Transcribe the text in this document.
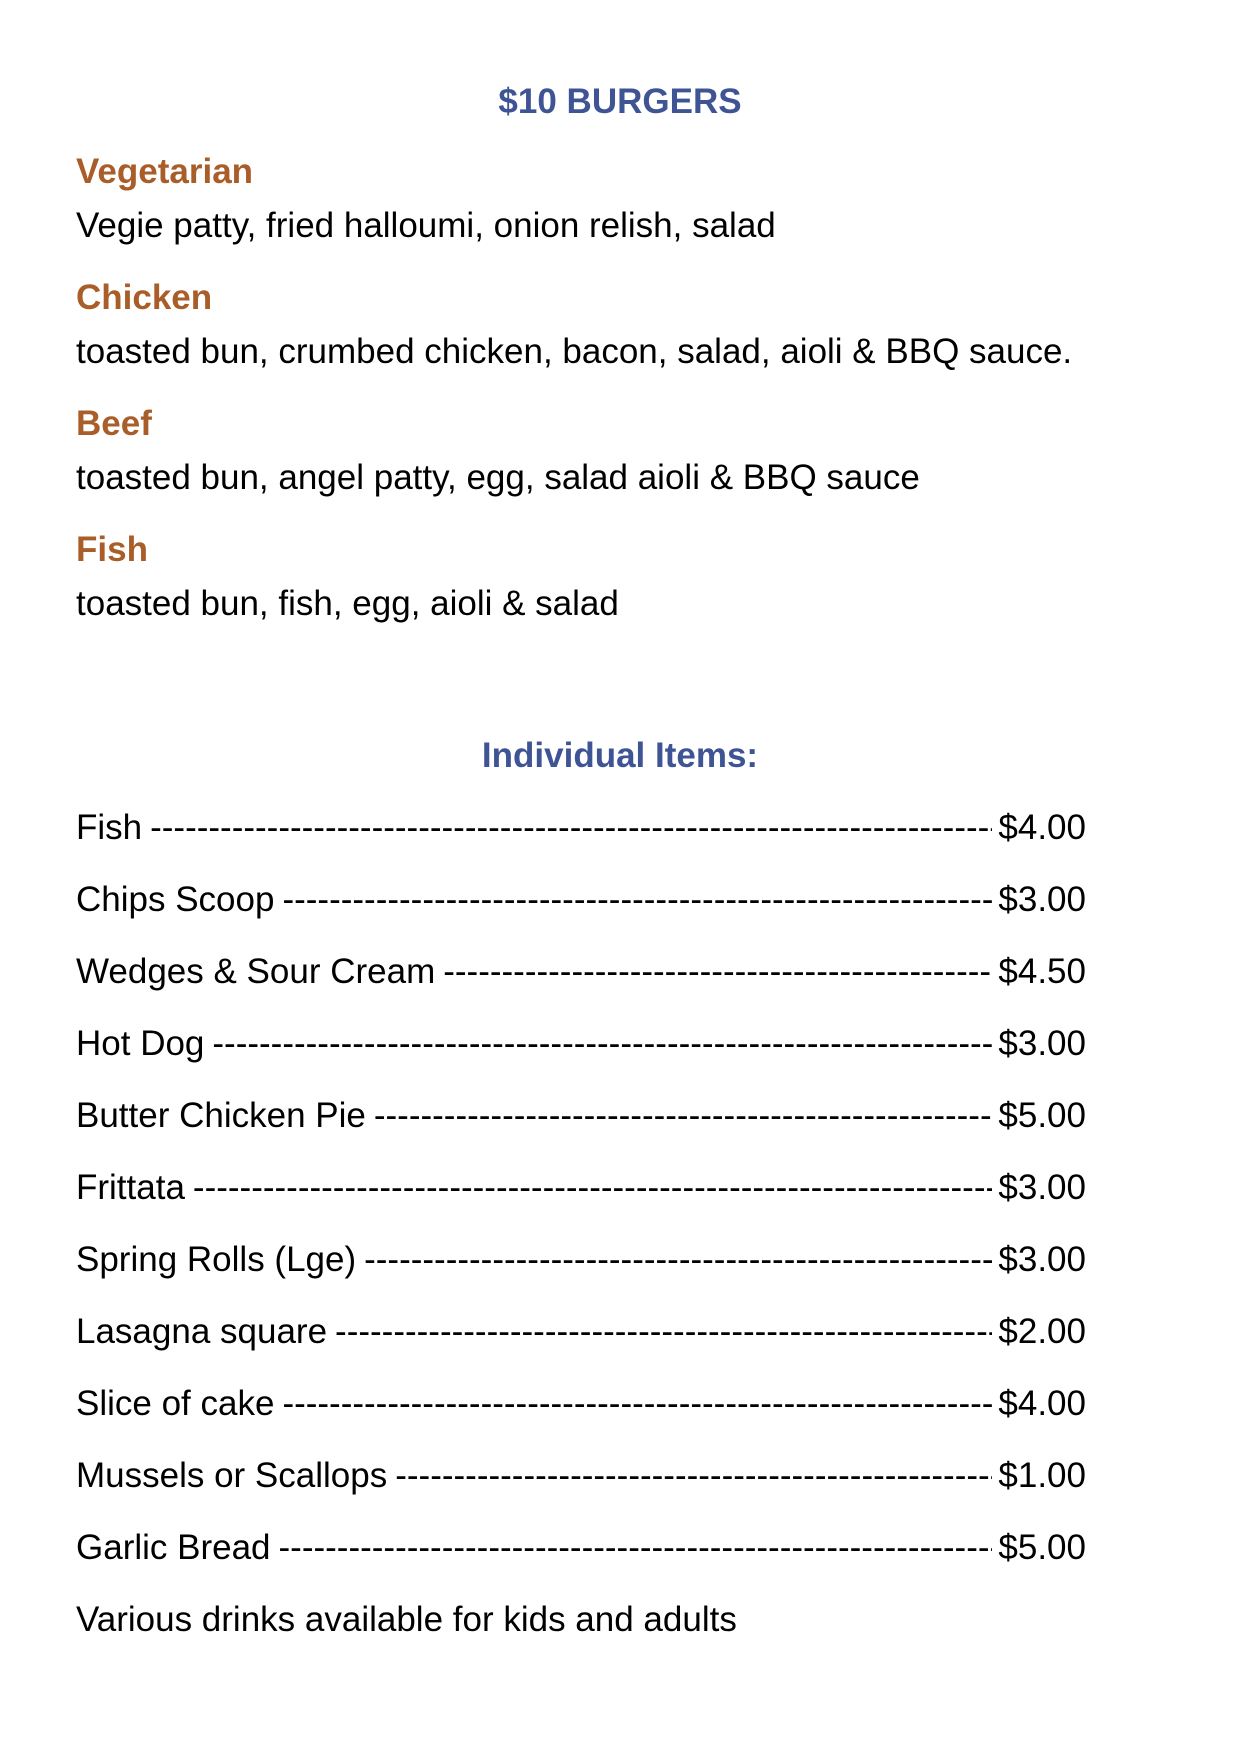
$10 BURGERS
Vegetarian
Vegie patty, fried halloumi, onion relish, salad
Chicken
toasted bun, crumbed chicken, bacon, salad, aioli & BBQ sauce.
Beef
toasted bun, angel patty, egg, salad aioli & BBQ sauce
Fish
toasted bun, fish, egg, aioli & salad
Individual Items:
Fish -----	$4.00
Chips Scoop -----	$3.00
Wedges & Sour Cream -----	$4.50
Hot Dog -----	$3.00
Butter Chicken Pie -----	$5.00
Frittata -----	$3.00
Spring Rolls (Lge) -----	$3.00
Lasagna square -----	$2.00
Slice of cake -----	$4.00
Mussels or Scallops -----	$1.00
Garlic Bread -----	$5.00
Various drinks available for kids and adults
